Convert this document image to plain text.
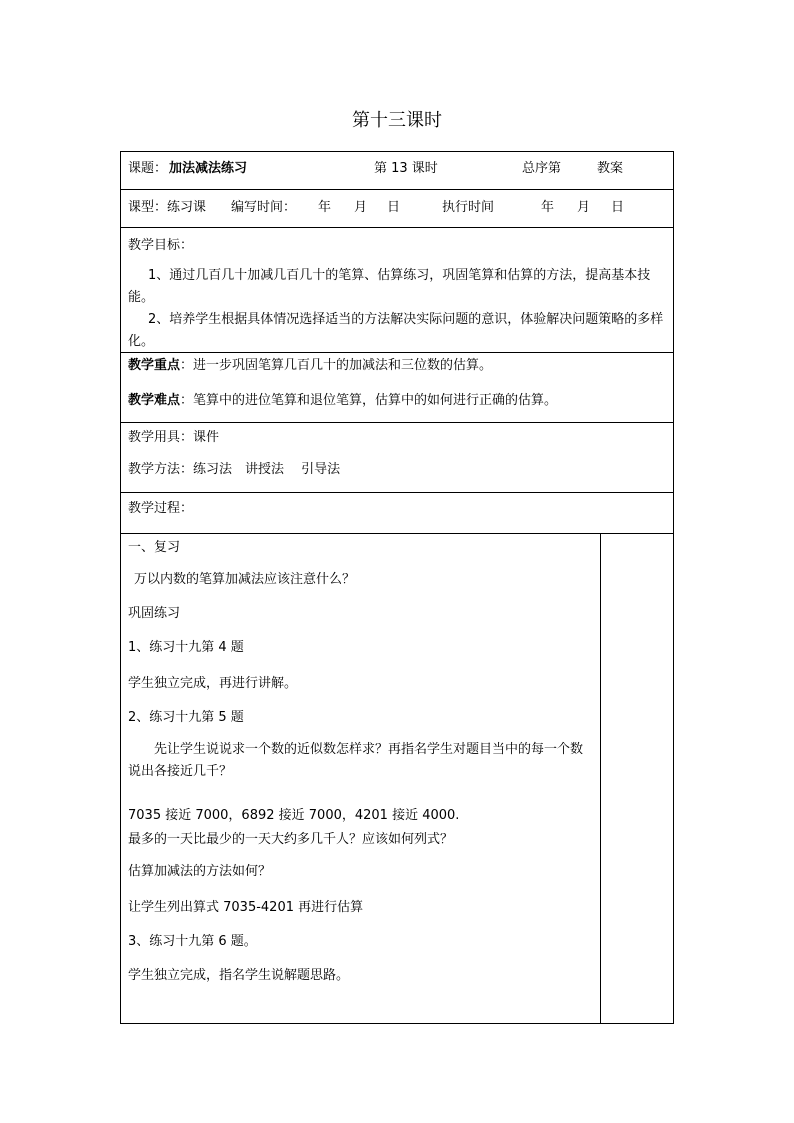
第十三课时
课题： 加法减法练习	第 13 课时	总序第	教案
课型：练习课 编写时间： 年 月 日	执行时间	年 月 日
教学目标：
1、通过几百几十加减几百几十的笔算、估算练习，巩固笔算和估算的方法，提高基本技能。
2、培养学生根据具体情况选择适当的方法解决实际问题的意识，体验解决问题策略的多样化。
教学重点：进一步巩固笔算几百几十的加减法和三位数的估算。
教学难点：笔算中的进位笔算和退位笔算，估算中的如何进行正确的估算。
教学用具：课件
教学方法：练习法　讲授法　 引导法
教学过程：
一、复习
万以内数的笔算加减法应该注意什么？
巩固练习
1、练习十九第 4 题
学生独立完成，再进行讲解。
2、练习十九第 5 题
先让学生说说求一个数的近似数怎样求？再指名学生对题目当中的每一个数说出各接近几千？
7035 接近 7000，6892 接近 7000，4201 接近 4000.
最多的一天比最少的一天大约多几千人？应该如何列式？
估算加减法的方法如何？
让学生列出算式 7035-4201 再进行估算
3、练习十九第 6 题。
学生独立完成，指名学生说解题思路。
